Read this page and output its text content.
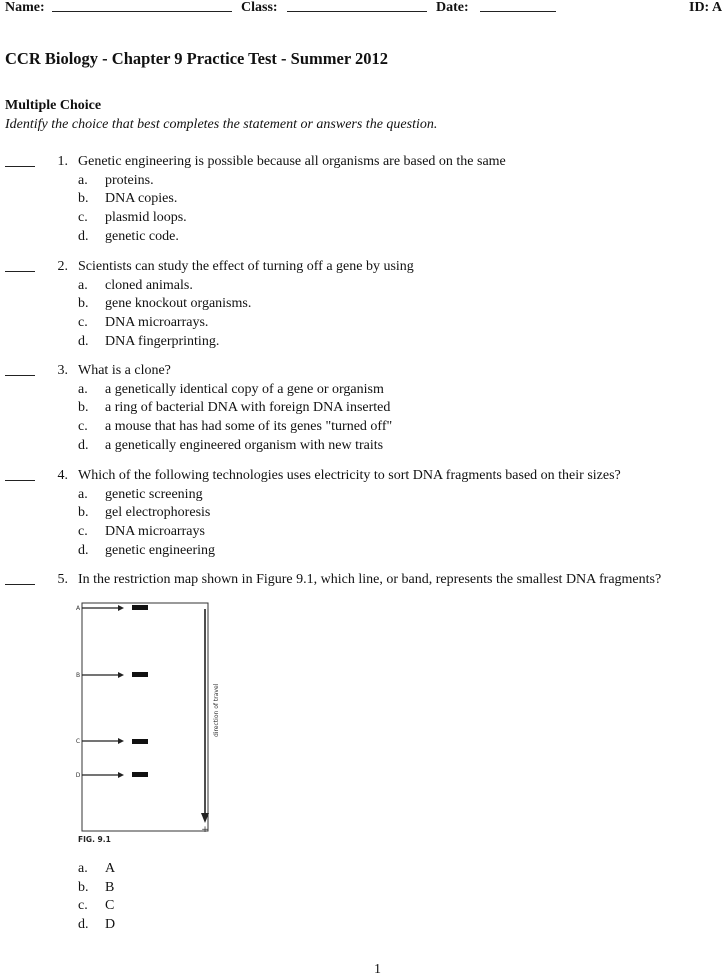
Name:	Class:	Date:	ID: A
CCR Biology - Chapter 9 Practice Test - Summer 2012
Multiple Choice
Identify the choice that best completes the statement or answers the question.
1. Genetic engineering is possible because all organisms are based on the same
a. proteins.
b. DNA copies.
c. plasmid loops.
d. genetic code.
2. Scientists can study the effect of turning off a gene by using
a. cloned animals.
b. gene knockout organisms.
c. DNA microarrays.
d. DNA fingerprinting.
3. What is a clone?
a. a genetically identical copy of a gene or organism
b. a ring of bacterial DNA with foreign DNA inserted
c. a mouse that has had some of its genes "turned off"
d. a genetically engineered organism with new traits
4. Which of the following technologies uses electricity to sort DNA fragments based on their sizes?
a. genetic screening
b. gel electrophoresis
c. DNA microarrays
d. genetic engineering
5. In the restriction map shown in Figure 9.1, which line, or band, represents the smallest DNA fragments?
–
+
direction of travel
A
B
C
D
FIG. 9.1
a. A
b. B
c. C
d. D
1
